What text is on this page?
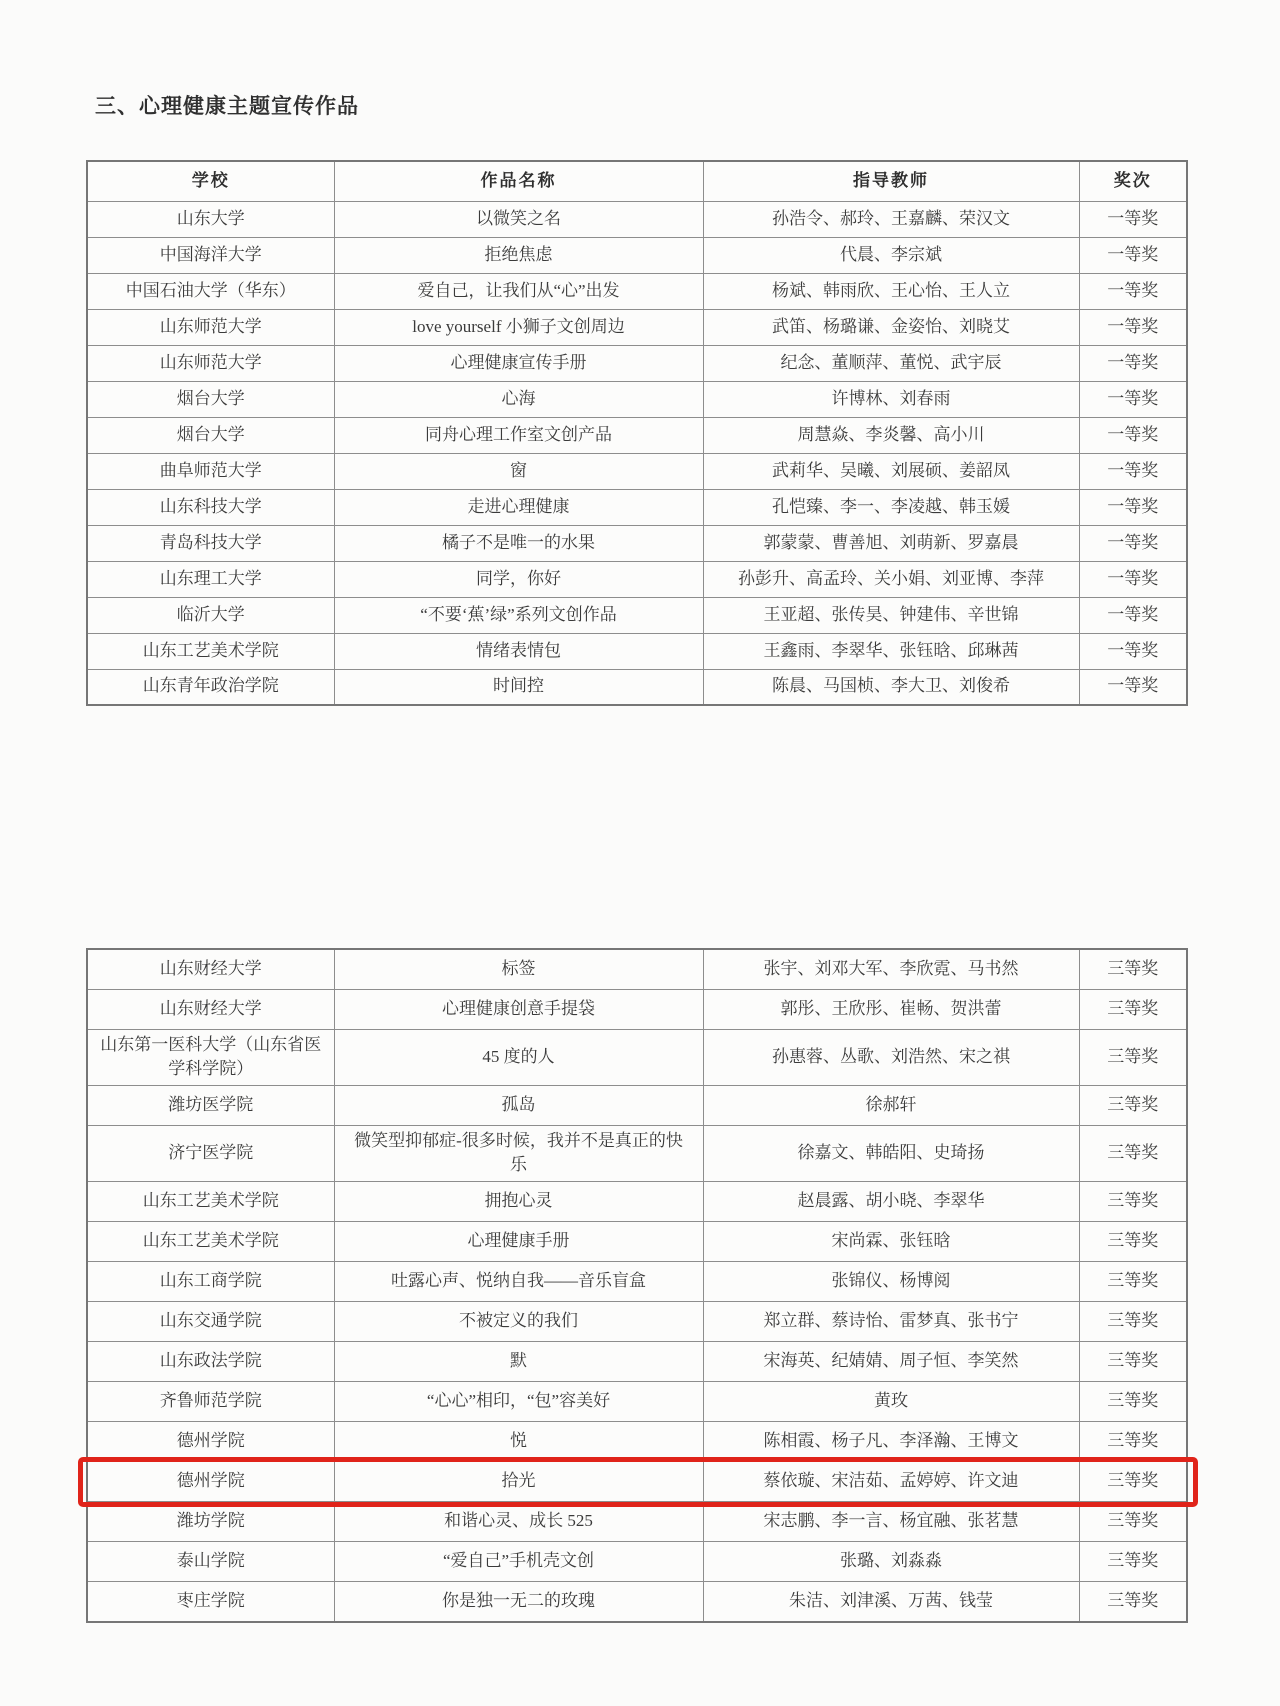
三、心理健康主题宣传作品
学校	作品名称	指导教师	奖次
山东大学	以微笑之名	孙浩令、郝玲、王嘉麟、荣汉文	一等奖
中国海洋大学	拒绝焦虑	代晨、李宗斌	一等奖
中国石油大学（华东）	爱自己，让我们从“心”出发	杨斌、韩雨欣、王心怡、王人立	一等奖
山东师范大学	love yourself 小狮子文创周边	武笛、杨璐谦、金姿怡、刘晓艾	一等奖
山东师范大学	心理健康宣传手册	纪念、董顺萍、董悦、武宇辰	一等奖
烟台大学	心海	许博林、刘春雨	一等奖
烟台大学	同舟心理工作室文创产品	周慧焱、李炎馨、高小川	一等奖
曲阜师范大学	窗	武莉华、吴曦、刘展硕、姜韶凤	一等奖
山东科技大学	走进心理健康	孔恺臻、李一、李凌越、韩玉媛	一等奖
青岛科技大学	橘子不是唯一的水果	郭蒙蒙、曹善旭、刘萌新、罗嘉晨	一等奖
山东理工大学	同学，你好	孙彭升、高孟玲、关小娟、刘亚博、李萍	一等奖
临沂大学	“不要‘蕉’绿”系列文创作品	王亚超、张传昊、钟建伟、辛世锦	一等奖
山东工艺美术学院	情绪表情包	王鑫雨、李翠华、张钰晗、邱琳茜	一等奖
山东青年政治学院	时间控	陈晨、马国桢、李大卫、刘俊希	一等奖
山东财经大学	标签	张宇、刘邓大军、李欣霓、马书然	三等奖
山东财经大学	心理健康创意手提袋	郭彤、王欣彤、崔畅、贺洪蕾	三等奖
山东第一医科大学（山东省医学科学院）	45 度的人	孙惠蓉、丛歌、刘浩然、宋之祺	三等奖
潍坊医学院	孤岛	徐郝轩	三等奖
济宁医学院	微笑型抑郁症-很多时候，我并不是真正的快乐	徐嘉文、韩皓阳、史琦扬	三等奖
山东工艺美术学院	拥抱心灵	赵晨露、胡小晓、李翠华	三等奖
山东工艺美术学院	心理健康手册	宋尚霖、张钰晗	三等奖
山东工商学院	吐露心声、悦纳自我——音乐盲盒	张锦仪、杨博阅	三等奖
山东交通学院	不被定义的我们	郑立群、蔡诗怡、雷梦真、张书宁	三等奖
山东政法学院	默	宋海英、纪婧婧、周子恒、李笑然	三等奖
齐鲁师范学院	“心心”相印，“包”容美好	黄玫	三等奖
德州学院	悦	陈相霞、杨子凡、李泽瀚、王博文	三等奖
德州学院	拾光	蔡依璇、宋洁茹、孟婷婷、许文迪	三等奖
潍坊学院	和谐心灵、成长 525	宋志鹏、李一言、杨宜融、张茗慧	三等奖
泰山学院	“爱自己”手机壳文创	张璐、刘淼淼	三等奖
枣庄学院	你是独一无二的玫瑰	朱洁、刘津溪、万茜、钱莹	三等奖
